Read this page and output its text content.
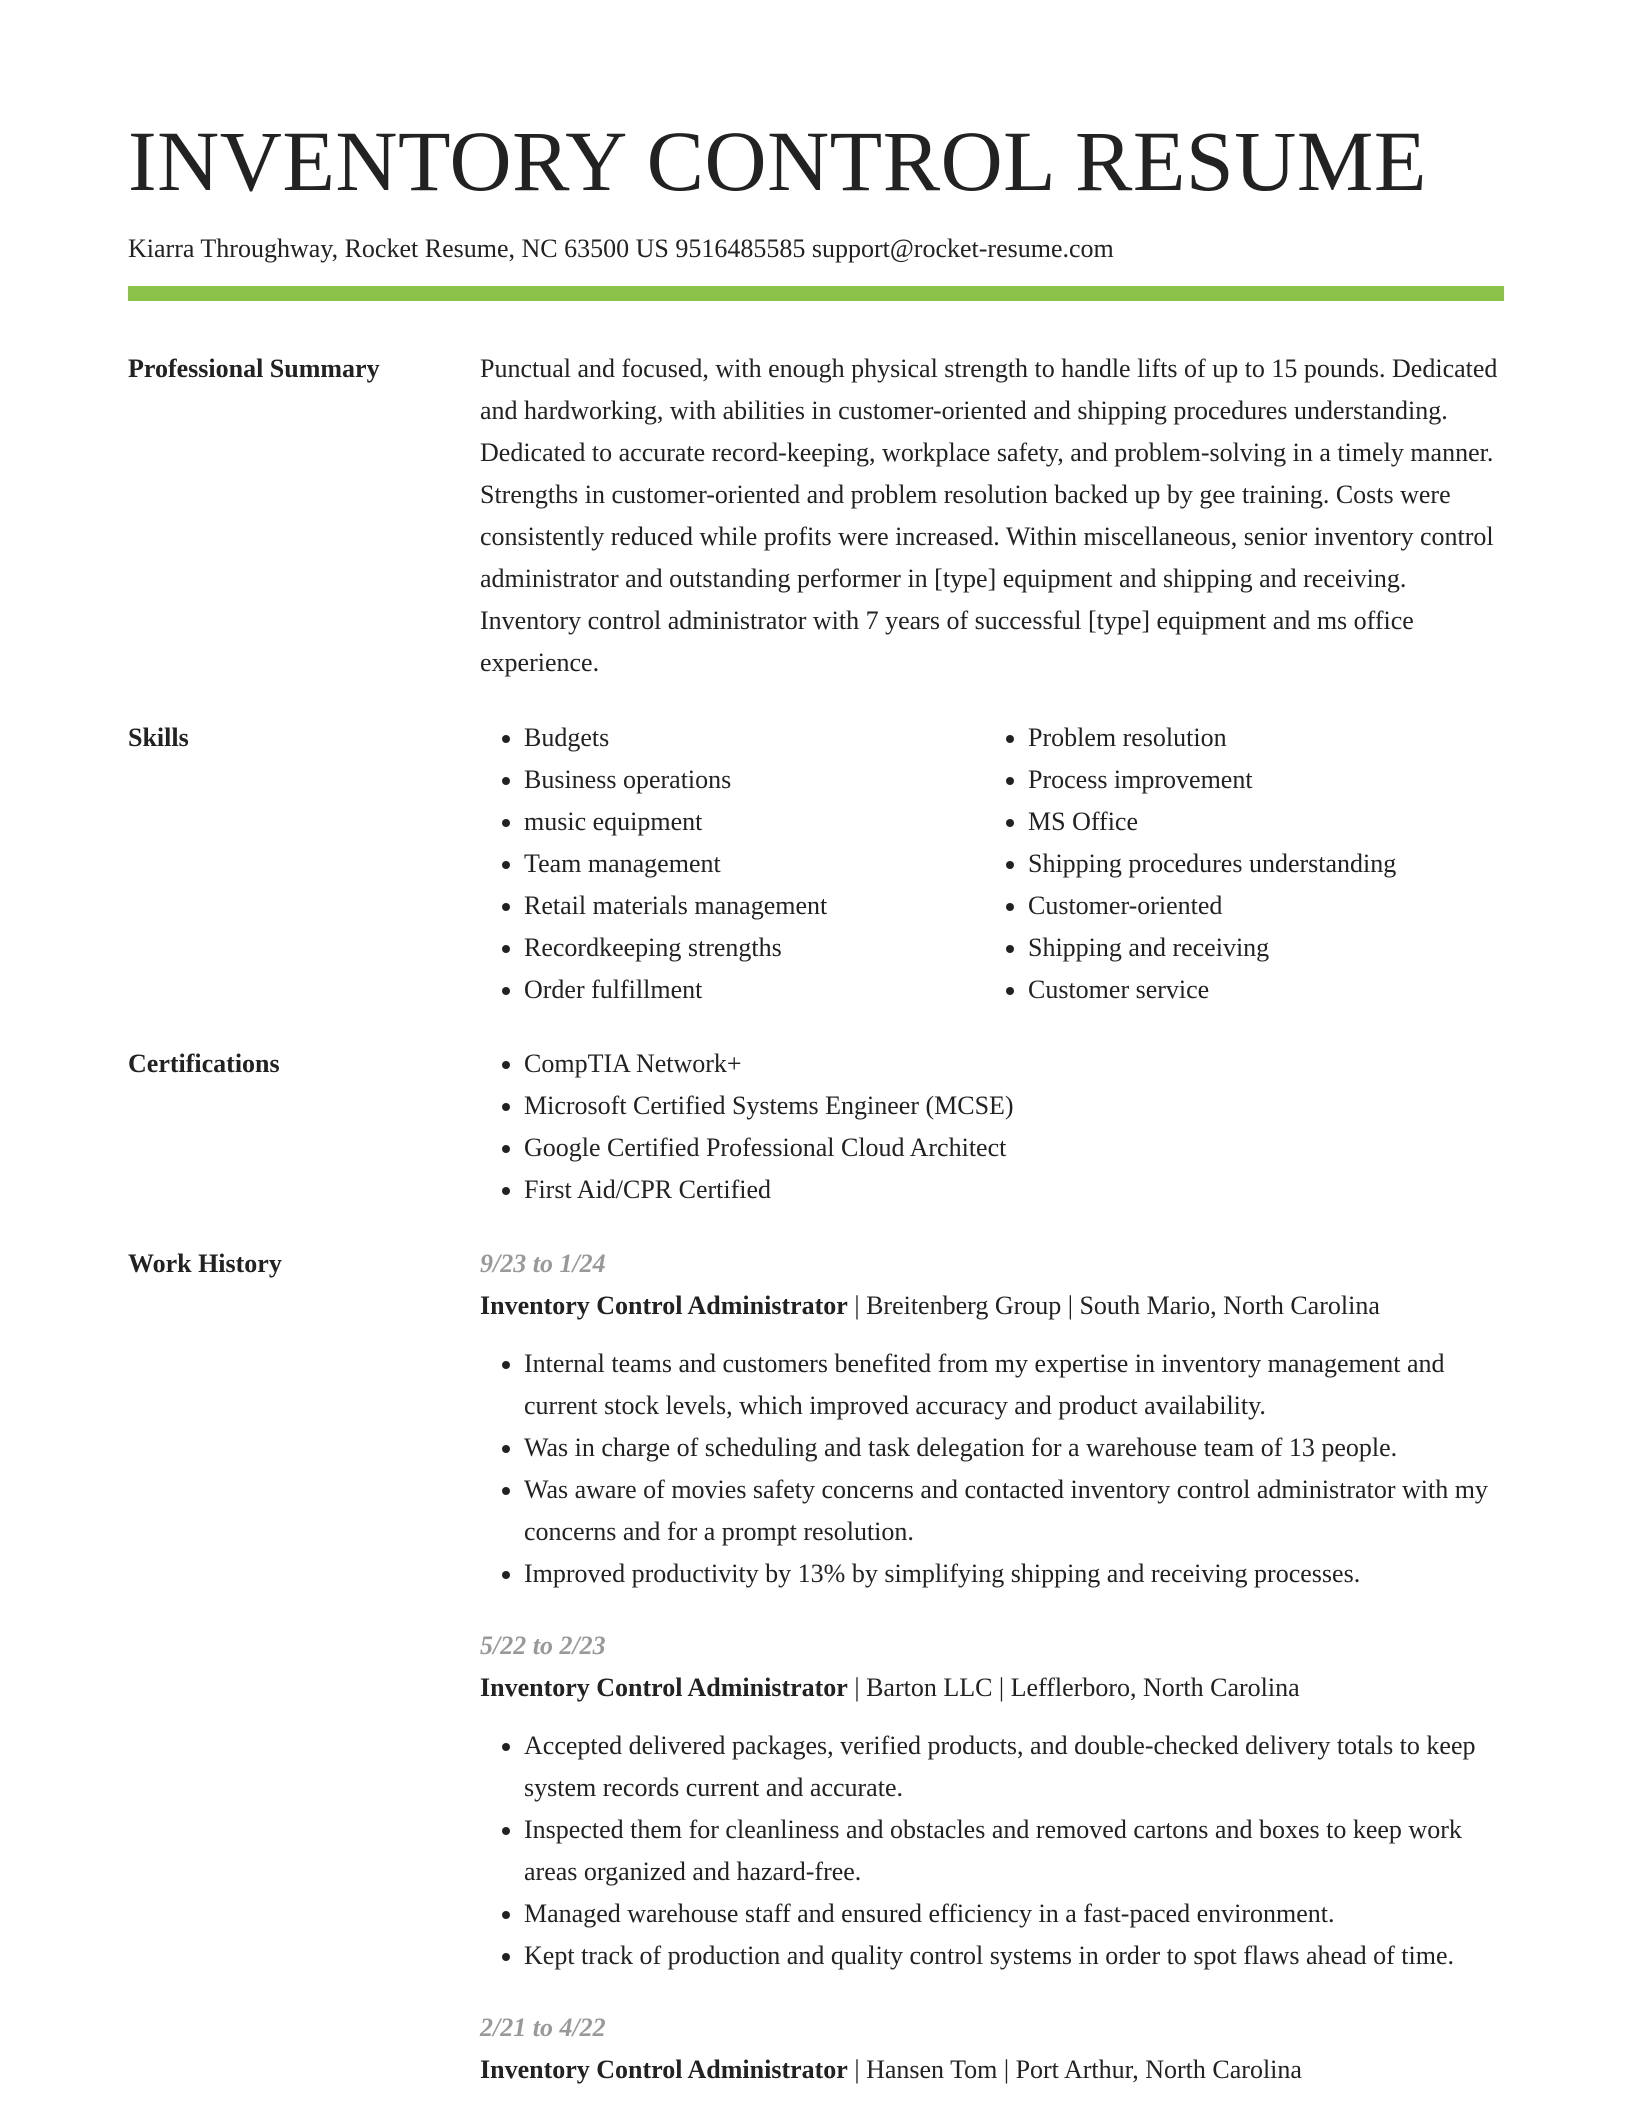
INVENTORY CONTROL RESUME
Kiarra Throughway, Rocket Resume, NC 63500 US 9516485585 support@rocket-resume.com
Professional Summary	Punctual and focused, with enough physical strength to handle lifts of up to 15 pounds. Dedicated and hardworking, with abilities in customer-oriented and shipping procedures understanding. Dedicated to accurate record-keeping, workplace safety, and problem-solving in a timely manner. Strengths in customer-oriented and problem resolution backed up by gee training. Costs were consistently reduced while profits were increased. Within miscellaneous, senior inventory control administrator and outstanding performer in [type] equipment and shipping and receiving. Inventory control administrator with 7 years of successful [type] equipment and ms office experience.

Skills	• Budgets
• Business operations
• music equipment
• Team management
• Retail materials management
• Recordkeeping strengths
• Order fulfillment
• Problem resolution
• Process improvement
• MS Office
• Shipping procedures understanding
• Customer-oriented
• Shipping and receiving
• Customer service
Certifications	• CompTIA Network+
• Microsoft Certified Systems Engineer (MCSE)
• Google Certified Professional Cloud Architect
• First Aid/CPR Certified
Work History	9/23 to 1/24
Inventory Control Administrator | Breitenberg Group | South Mario, North Carolina
• Internal teams and customers benefited from my expertise in inventory management and current stock levels, which improved accuracy and product availability.
• Was in charge of scheduling and task delegation for a warehouse team of 13 people.
• Was aware of movies safety concerns and contacted inventory control administrator with my concerns and for a prompt resolution.
• Improved productivity by 13% by simplifying shipping and receiving processes.
5/22 to 2/23
Inventory Control Administrator | Barton LLC | Lefflerboro, North Carolina
• Accepted delivered packages, verified products, and double-checked delivery totals to keep system records current and accurate.
• Inspected them for cleanliness and obstacles and removed cartons and boxes to keep work areas organized and hazard-free.
• Managed warehouse staff and ensured efficiency in a fast-paced environment.
• Kept track of production and quality control systems in order to spot flaws ahead of time.
2/21 to 4/22
Inventory Control Administrator | Hansen Tom | Port Arthur, North Carolina
